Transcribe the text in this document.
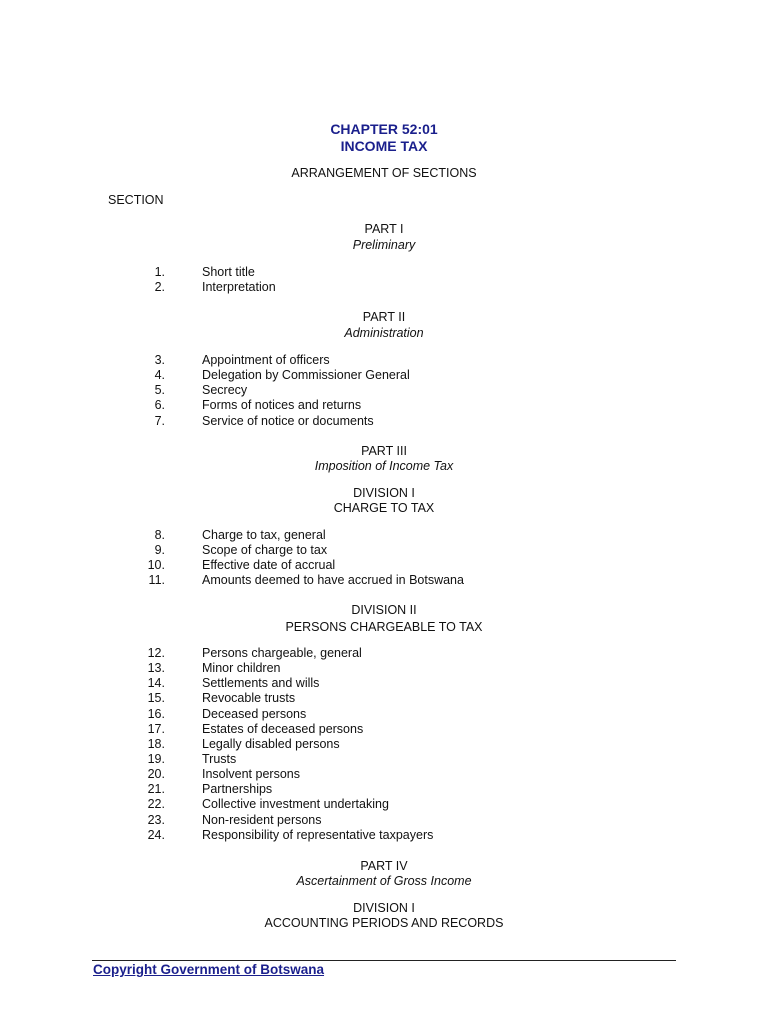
CHAPTER 52:01
INCOME TAX
ARRANGEMENT OF SECTIONS
SECTION
PART I
Preliminary
1.	Short title
2.	Interpretation
PART II
Administration
3.	Appointment of officers
4.	Delegation by Commissioner General
5.	Secrecy
6.	Forms of notices and returns
7.	Service of notice or documents
PART III
Imposition of Income Tax
DIVISION I
CHARGE TO TAX
8.	Charge to tax, general
9.	Scope of charge to tax
10.	Effective date of accrual
11.	Amounts deemed to have accrued in Botswana
DIVISION II
PERSONS CHARGEABLE TO TAX
12.	Persons chargeable, general
13.	Minor children
14.	Settlements and wills
15.	Revocable trusts
16.	Deceased persons
17.	Estates of deceased persons
18.	Legally disabled persons
19.	Trusts
20.	Insolvent persons
21.	Partnerships
22.	Collective investment undertaking
23.	Non-resident persons
24.	Responsibility of representative taxpayers
PART IV
Ascertainment of Gross Income
DIVISION I
ACCOUNTING PERIODS AND RECORDS
Copyright Government of Botswana
